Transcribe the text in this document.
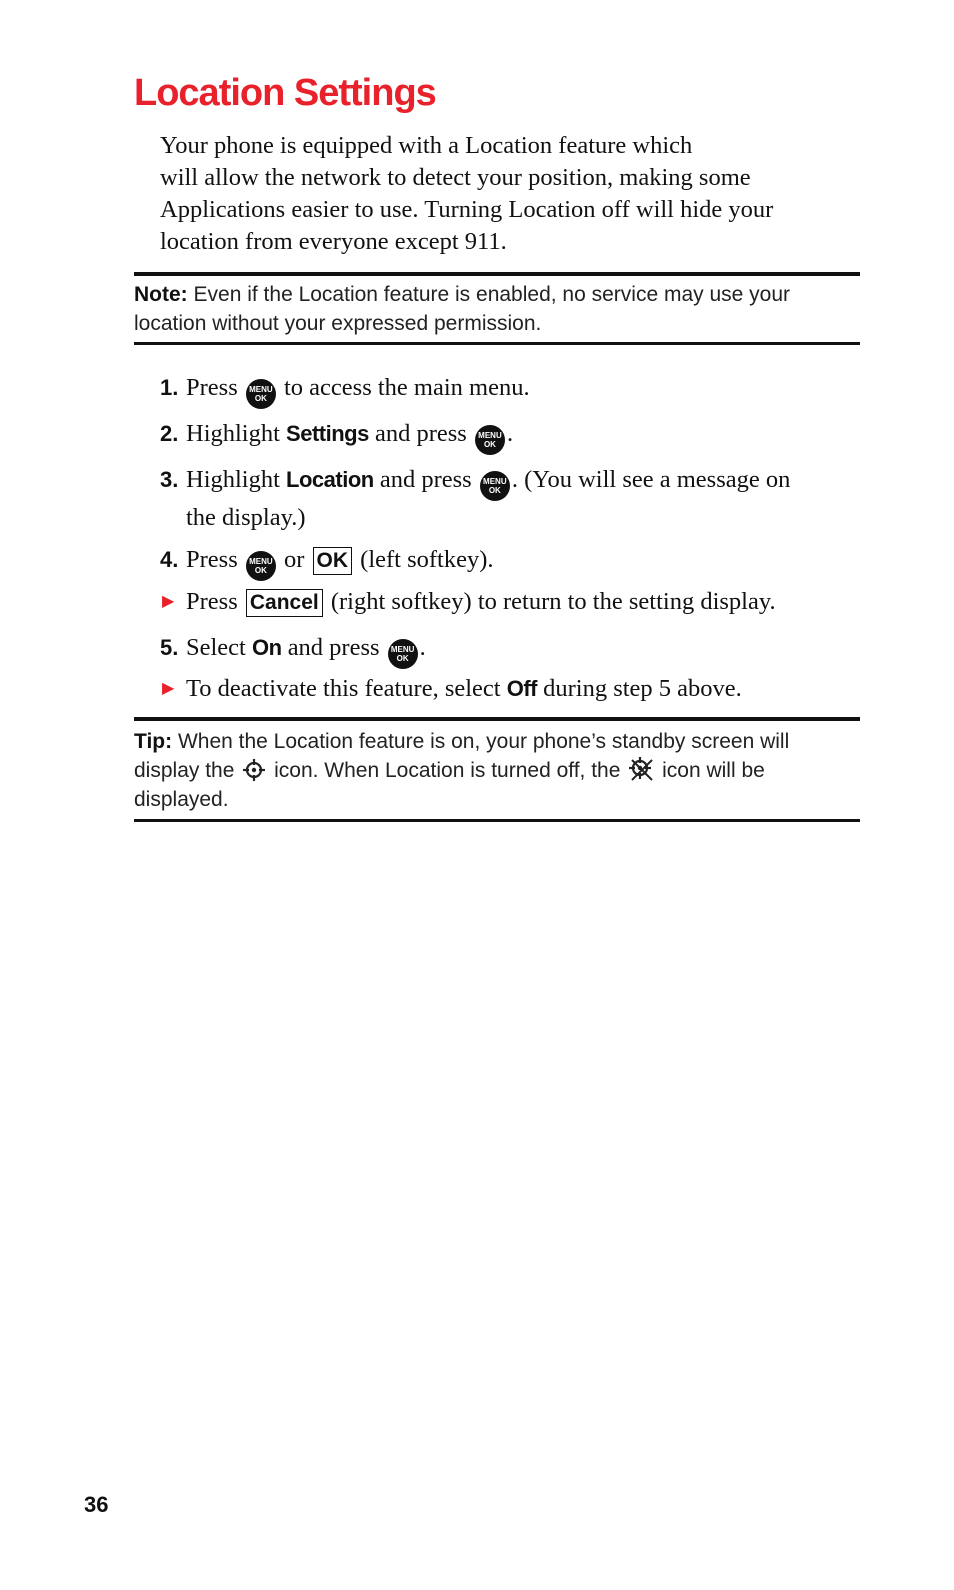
Location Settings
Your phone is equipped with a Location feature which
will allow the network to detect your position, making some
Applications easier to use. Turning Location off will hide your
location from everyone except 911.
Note: Even if the Location feature is enabled, no service may use your
location without your expressed permission.
1. Press	MENU
OK to access the main menu.
2. Highlight Settings and press	MENU
OK .
3. Highlight Location and press	MENU
OK . (You will see a message on
the display.)
4. Press	MENU
OK or OK (left softkey).
▶ Press Cancel (right softkey) to return to the setting display.
5. Select On and press	MENU
OK .
▶ To deactivate this feature, select Off during step 5 above.
Tip: When the Location feature is on, your phone’s standby screen will
display the icon. When Location is turned off, the icon will be
displayed.
36
